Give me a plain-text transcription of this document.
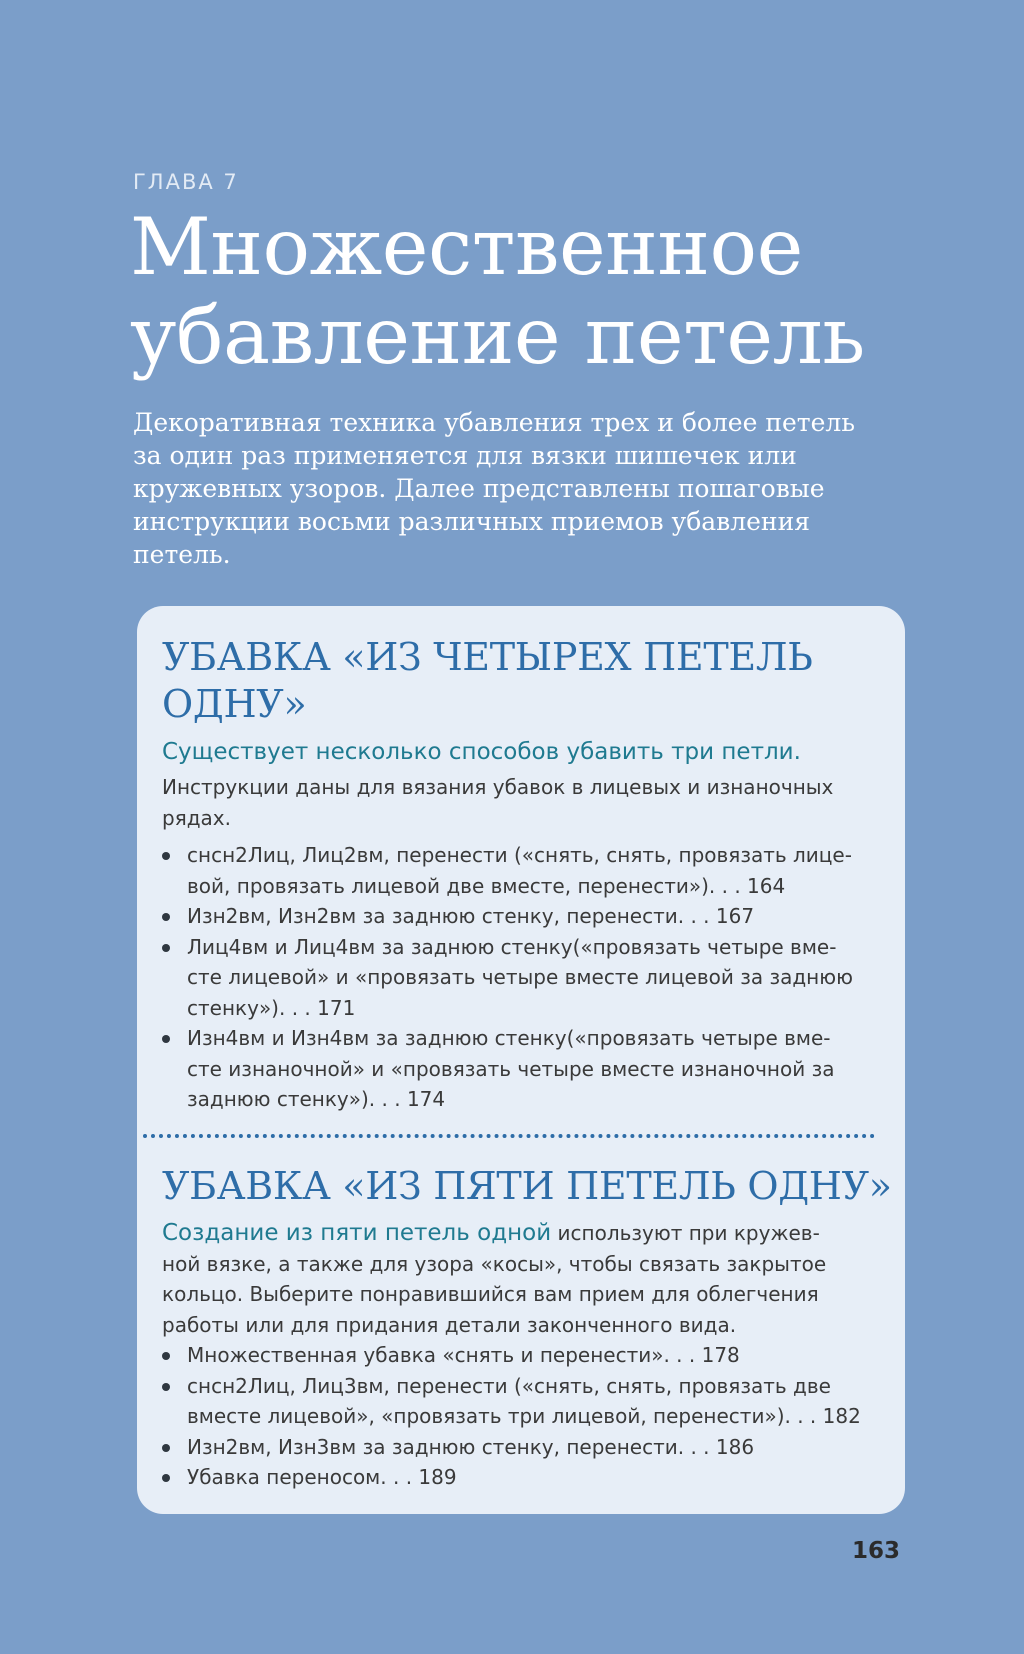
ГЛАВА 7
Множественное
убавление петель

Декоративная техника убавления трех и более петель
за один раз применяется для вязки шишечек или
кружевных узоров. Далее представлены пошаговые
инструкции восьми различных приемов убавления
петель.

УБАВКА «ИЗ ЧЕТЫРЕХ ПЕТЕЛЬ
ОДНУ»
Существует несколько способов убавить три петли.

Инструкции даны для вязания убавок в лицевых и изнаночных
рядах.

снсн2Лиц, Лиц2вм, перенести («снять, снять, провязать лице-
вой, провязать лицевой две вместе, перенести»). . . 164
Изн2вм, Изн2вм за заднюю стенку, перенести. . . 167
Лиц4вм и Лиц4вм за заднюю стенку(«провязать четыре вме-
сте лицевой» и «провязать четыре вместе лицевой за заднюю
стенку»). . . 171
Изн4вм и Изн4вм за заднюю стенку(«провязать четыре вме-
сте изнаночной» и «провязать четыре вместе изнаночной за
заднюю стенку»). . . 174
УБАВКА «ИЗ ПЯТИ ПЕТЕЛЬ ОДНУ»

Создание из пяти петель одной используют при кружев-
ной вязке, а также для узора «косы», чтобы связать закрытое
кольцо. Выберите понравившийся вам прием для облегчения
работы или для придания детали законченного вида.

Множественная убавка «снять и перенести». . . 178
снсн2Лиц, Лиц3вм, перенести («снять, снять, провязать две
вместе лицевой», «провязать три лицевой, перенести»). . . 182
Изн2вм, Изн3вм за заднюю стенку, перенести. . . 186
Убавка переносом. . . 189
163
